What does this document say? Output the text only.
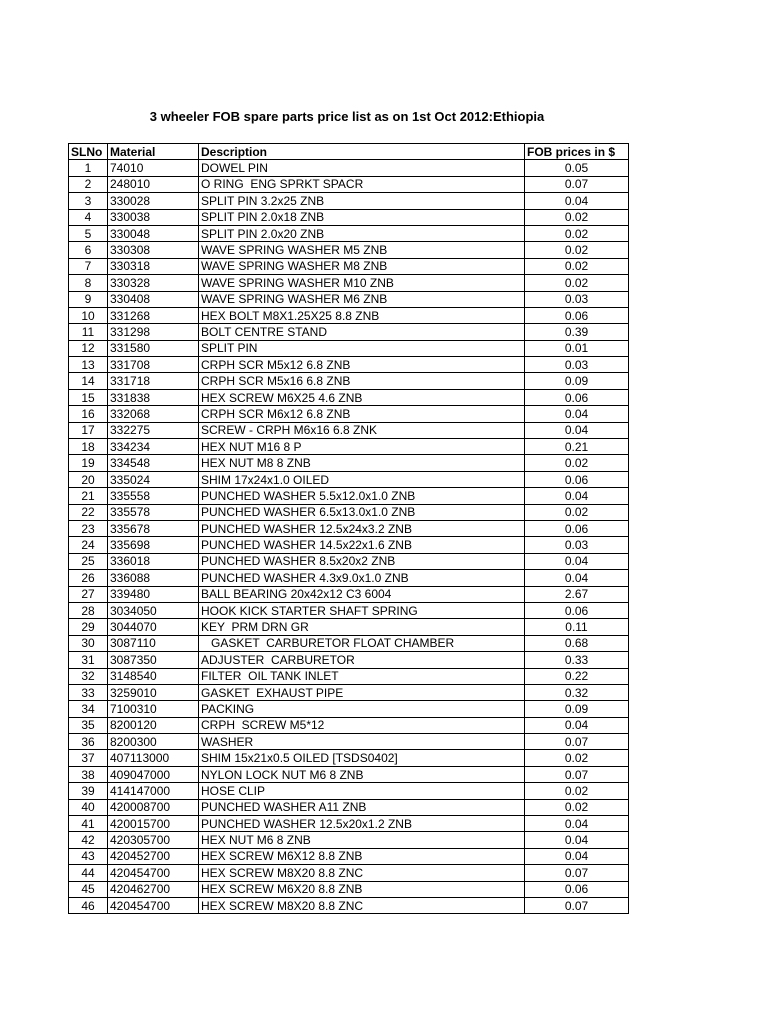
3 wheeler FOB spare parts price list as on 1st Oct 2012:Ethiopia
SLNo	Material	Description	FOB prices in $
1	74010	DOWEL PIN	0.05
2	248010	O RING  ENG SPRKT SPACR	0.07
3	330028	SPLIT PIN 3.2x25 ZNB	0.04
4	330038	SPLIT PIN 2.0x18 ZNB	0.02
5	330048	SPLIT PIN 2.0x20 ZNB	0.02
6	330308	WAVE SPRING WASHER M5 ZNB	0.02
7	330318	WAVE SPRING WASHER M8 ZNB	0.02
8	330328	WAVE SPRING WASHER M10 ZNB	0.02
9	330408	WAVE SPRING WASHER M6 ZNB	0.03
10	331268	HEX BOLT M8X1.25X25 8.8 ZNB	0.06
11	331298	BOLT CENTRE STAND	0.39
12	331580	SPLIT PIN	0.01
13	331708	CRPH SCR M5x12 6.8 ZNB	0.03
14	331718	CRPH SCR M5x16 6.8 ZNB	0.09
15	331838	HEX SCREW M6X25 4.6 ZNB	0.06
16	332068	CRPH SCR M6x12 6.8 ZNB	0.04
17	332275	SCREW - CRPH M6x16 6.8 ZNK	0.04
18	334234	HEX NUT M16 8 P	0.21
19	334548	HEX NUT M8 8 ZNB	0.02
20	335024	SHIM 17x24x1.0 OILED	0.06
21	335558	PUNCHED WASHER 5.5x12.0x1.0 ZNB	0.04
22	335578	PUNCHED WASHER 6.5x13.0x1.0 ZNB	0.02
23	335678	PUNCHED WASHER 12.5x24x3.2 ZNB	0.06
24	335698	PUNCHED WASHER 14.5x22x1.6 ZNB	0.03
25	336018	PUNCHED WASHER 8.5x20x2 ZNB	0.04
26	336088	PUNCHED WASHER 4.3x9.0x1.0 ZNB	0.04
27	339480	BALL BEARING 20x42x12 C3 6004	2.67
28	3034050	HOOK KICK STARTER SHAFT SPRING	0.06
29	3044070	KEY  PRM DRN GR	0.11
30	3087110	GASKET  CARBURETOR FLOAT CHAMBER	0.68
31	3087350	ADJUSTER  CARBURETOR	0.33
32	3148540	FILTER  OIL TANK INLET	0.22
33	3259010	GASKET  EXHAUST PIPE	0.32
34	7100310	PACKING	0.09
35	8200120	CRPH  SCREW M5*12	0.04
36	8200300	WASHER	0.07
37	407113000	SHIM 15x21x0.5 OILED [TSDS0402]	0.02
38	409047000	NYLON LOCK NUT M6 8 ZNB	0.07
39	414147000	HOSE CLIP	0.02
40	420008700	PUNCHED WASHER A11 ZNB	0.02
41	420015700	PUNCHED WASHER 12.5x20x1.2 ZNB	0.04
42	420305700	HEX NUT M6 8 ZNB	0.04
43	420452700	HEX SCREW M6X12 8.8 ZNB	0.04
44	420454700	HEX SCREW M8X20 8.8 ZNC	0.07
45	420462700	HEX SCREW M6X20 8.8 ZNB	0.06
46	420454700	HEX SCREW M8X20 8.8 ZNC	0.07
